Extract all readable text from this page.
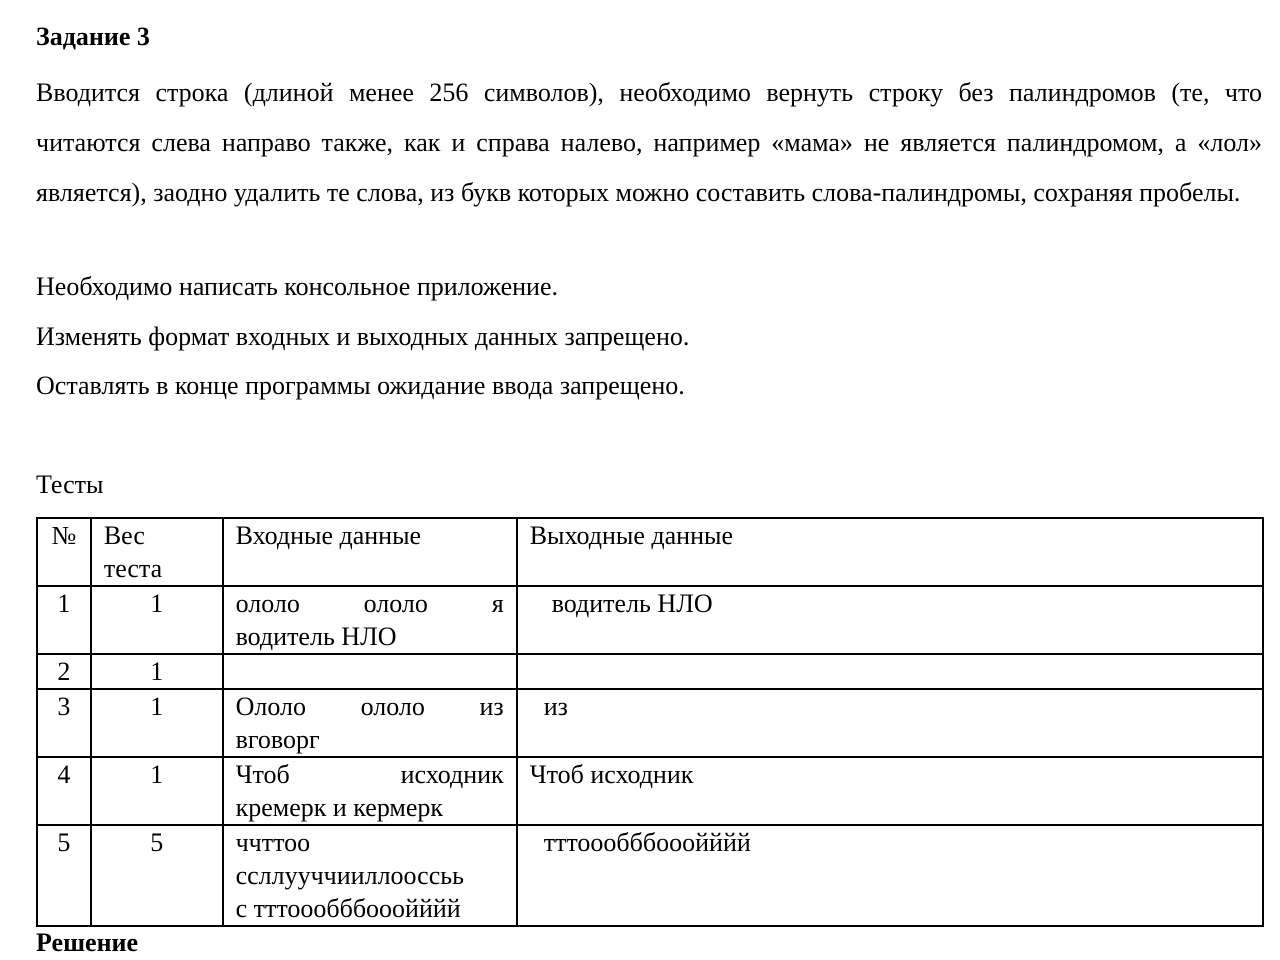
Задание 3
Вводится строка (длиной менее 256 символов), необходимо вернуть строку без палиндромов (те, что читаются слева направо также, как и справа налево, например «мама» не является палиндромом, а «лол» является), заодно удалить те слова, из букв которых можно составить слова-палиндромы, сохраняя пробелы.
Необходимо написать консольное приложение.
Изменять формат входных и выходных данных запрещено.
Оставлять в конце программы ожидание ввода запрещено.
Тесты
№	Вес теста	Входные данные	Выходные данные
1	1	ололо ололо я
водитель НЛО	водитель НЛО
2	1		
3	1	Ололо ололо из
вговорг	из
4	1	Чтоб исходник
кремерк и кермерк	Чтоб исходник
5	5	ччттоо
ссллууччииллоосcьь
с тттоообббооойййй	тттоообббооойййй
Решение
